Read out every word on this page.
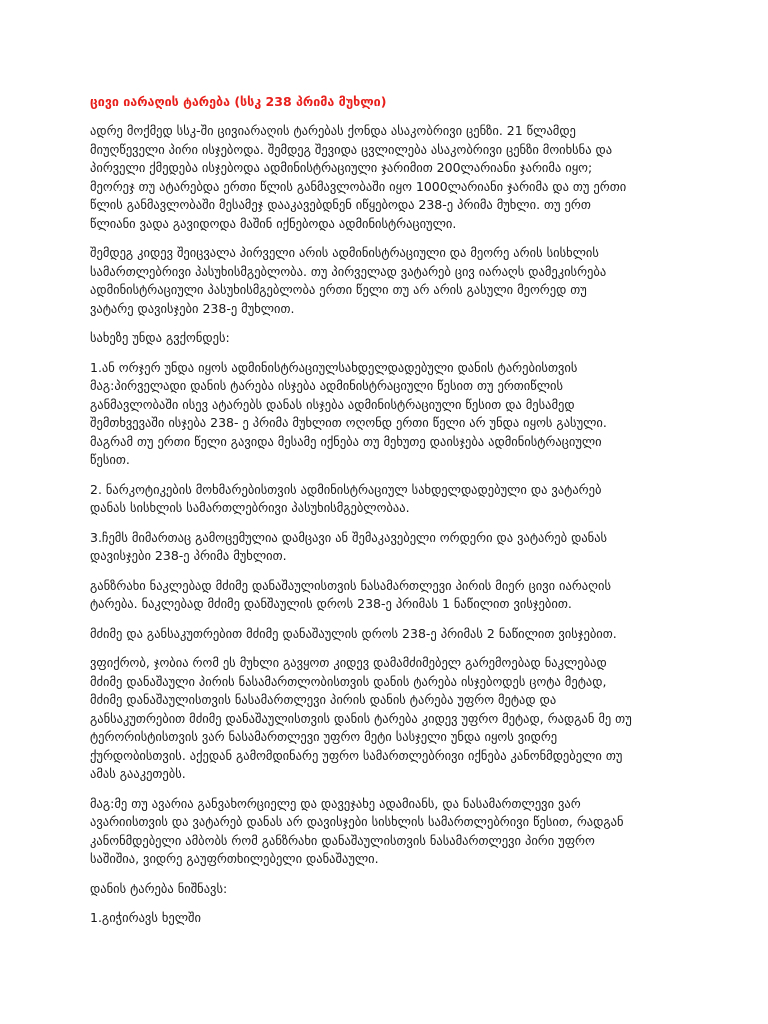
ცივი იარაღის ტარება (სსკ 238 პრიმა მუხლი)

ადრე მოქმედ სსკ-ში ცივიარაღის ტარებას ქონდა ასაკობრივი ცენზი. 21 წლამდე
მიუღწეველი პირი ისჯებოდა. შემდეგ შევიდა ცვლილება ასაკობრივი ცენზი მოიხსნა და
პირველი ქმედება ისჯებოდა ადმინისტრაციული ჯარიმით 200ლარიანი ჯარიმა იყო;
მეორეჯ თუ ატარებდა ერთი წლის განმავლობაში იყო 1000ლარიანი ჯარიმა და თუ ერთი
წლის განმავლობაში მესამეჯ დააკავებდნენ იწყებოდა 238-ე პრიმა მუხლი. თუ ერთ
წლიანი ვადა გავიდოდა მაშინ იქნებოდა ადმინისტრაციული.

შემდეგ კიდევ შეიცვალა პირველი არის ადმინისტრაციული და მეორე არის სისხლის
სამართლებრივი პასუხისმგებლობა. თუ პირველად ვატარებ ცივ იარაღს დამეკისრება
ადმინისტრაციული პასუხისმგებლობა ერთი წელი თუ არ არის გასული მეორედ თუ
ვატარე დავისჯები 238-ე მუხლით.

სახეზე უნდა გვქონდეს:

1.ან ორჯერ უნდა იყოს ადმინისტრაციულსახდელდადებული დანის ტარებისთვის
მაგ:პირველადი დანის ტარება ისჯება ადმინისტრაციული წესით თუ ერთიწლის
განმავლობაში ისევ ატარებს დანას ისჯება ადმინისტრაციული წესით და მესამედ
შემთხვევაში ისჯება 238- ე პრიმა მუხლით ოღონდ ერთი წელი არ უნდა იყოს გასული.
მაგრამ თუ ერთი წელი გავიდა მესამე იქნება თუ მეხუთე დაისჯება ადმინისტრაციული
წესით.

2. ნარკოტიკების მოხმარებისთვის ადმინისტრაციულ სახდელდადებული და ვატარებ
დანას სისხლის სამართლებრივი პასუხისმგებლობაა.

3.ჩემს მიმართაც გამოცემულია დამცავი ან შემაკავებელი ორდერი და ვატარებ დანას
დავისჯები 238-ე პრიმა მუხლით.

განზრახი ნაკლებად მძიმე დანაშაულისთვის ნასამართლევი პირის მიერ ცივი იარაღის
ტარება. ნაკლებად მძიმე დანშაულის დროს 238-ე პრიმას 1 ნაწილით ვისჯებით.

მძიმე და განსაკუთრებით მძიმე დანაშაულის დროს 238-ე პრიმას 2 ნაწილით ვისჯებით.

ვფიქრობ, ჯობია რომ ეს მუხლი გავყოთ კიდევ დამამძიმებელ გარემოებად ნაკლებად
მძიმე დანაშაული პირის ნასამართლობისთვის დანის ტარება ისჯებოდეს ცოტა მეტად,
მძიმე დანაშაულისთვის ნასამართლევი პირის დანის ტარება უფრო მეტად და
განსაკუთრებით მძიმე დანაშაულისთვის დანის ტარება კიდევ უფრო მეტად, რადგან მე თუ
ტერორისტისთვის ვარ ნასამართლევი უფრო მეტი სასჯელი უნდა იყოს ვიდრე
ქურდობისთვის. აქედან გამომდინარე უფრო სამართლებრივი იქნება კანონმდებელი თუ
ამას გააკეთებს.

მაგ:მე თუ ავარია განვახორციელე და დავეჯახე ადამიანს, და ნასამართლევი ვარ
ავარიისთვის და ვატარებ დანას არ დავისჯები სისხლის სამართლებრივი წესით, რადგან
კანონმდებელი ამბობს რომ განზრახი დანაშაულისთვის ნასამართლევი პირი უფრო
საშიშია, ვიდრე გაუფრთხილებელი დანაშაული.

დანის ტარება ნიშნავს:

1.გიჭირავს ხელში
